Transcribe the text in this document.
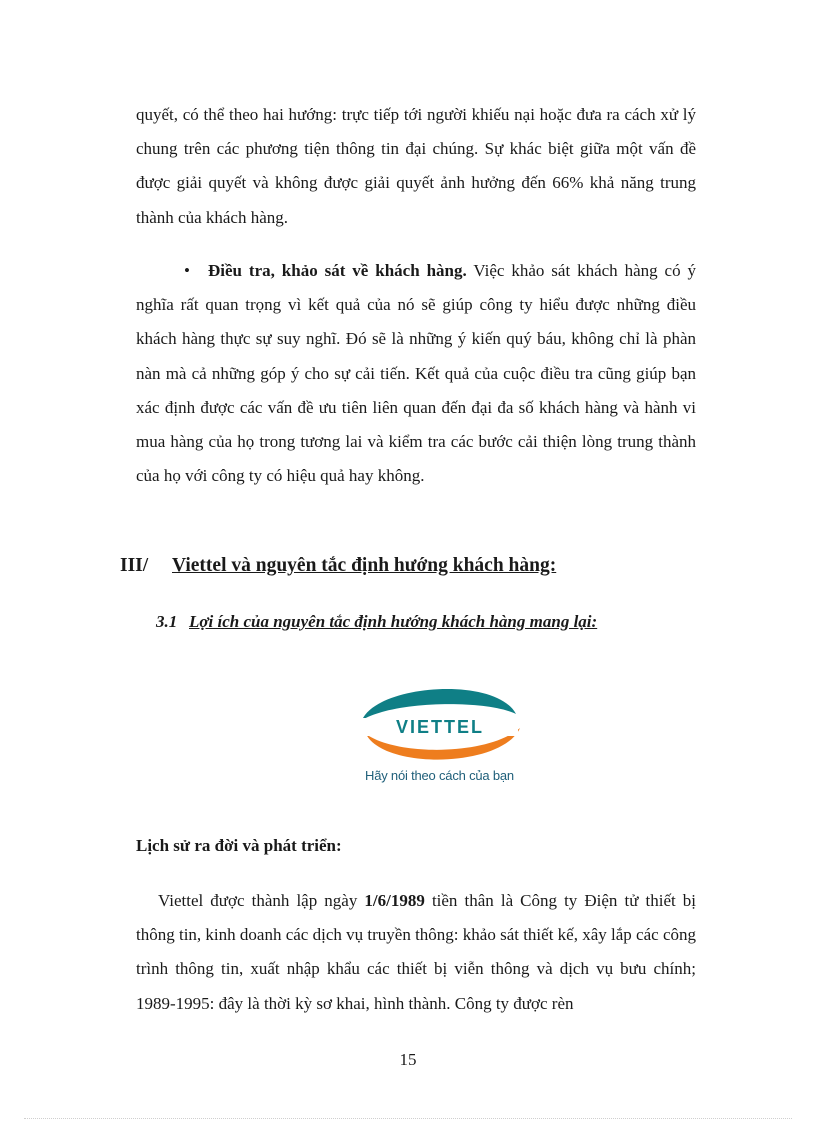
quyết, có thể theo hai hướng: trực tiếp tới người khiếu nại hoặc đưa ra cách xử lý chung trên các phương tiện thông tin đại chúng. Sự khác biệt giữa một vấn đề được giải quyết và không được giải quyết ảnh hưởng đến 66% khả năng trung thành của khách hàng.

• Điều tra, khảo sát về khách hàng. Việc khảo sát khách hàng có ý nghĩa rất quan trọng vì kết quả của nó sẽ giúp công ty hiểu được những điều khách hàng thực sự suy nghĩ. Đó sẽ là những ý kiến quý báu, không chỉ là phàn nàn mà cả những góp ý cho sự cải tiến. Kết quả của cuộc điều tra cũng giúp bạn xác định được các vấn đề ưu tiên liên quan đến đại đa số khách hàng và hành vi mua hàng của họ trong tương lai và kiểm tra các bước cải thiện lòng trung thành của họ với công ty có hiệu quả hay không.

III/ Viettel và nguyên tắc định hướng khách hàng:

3.1 Lợi ích của nguyên tắc định hướng khách hàng mang lại:

VIETTEL
Hãy nói theo cách của bạn

Lịch sử ra đời và phát triển:

Viettel được thành lập ngày 1/6/1989 tiền thân là Công ty Điện tử thiết bị thông tin, kinh doanh các dịch vụ truyền thông: khảo sát thiết kế, xây lắp các công trình thông tin, xuất nhập khẩu các thiết bị viễn thông và dịch vụ bưu chính; 1989-1995: đây là thời kỳ sơ khai, hình thành. Công ty được rèn

15
